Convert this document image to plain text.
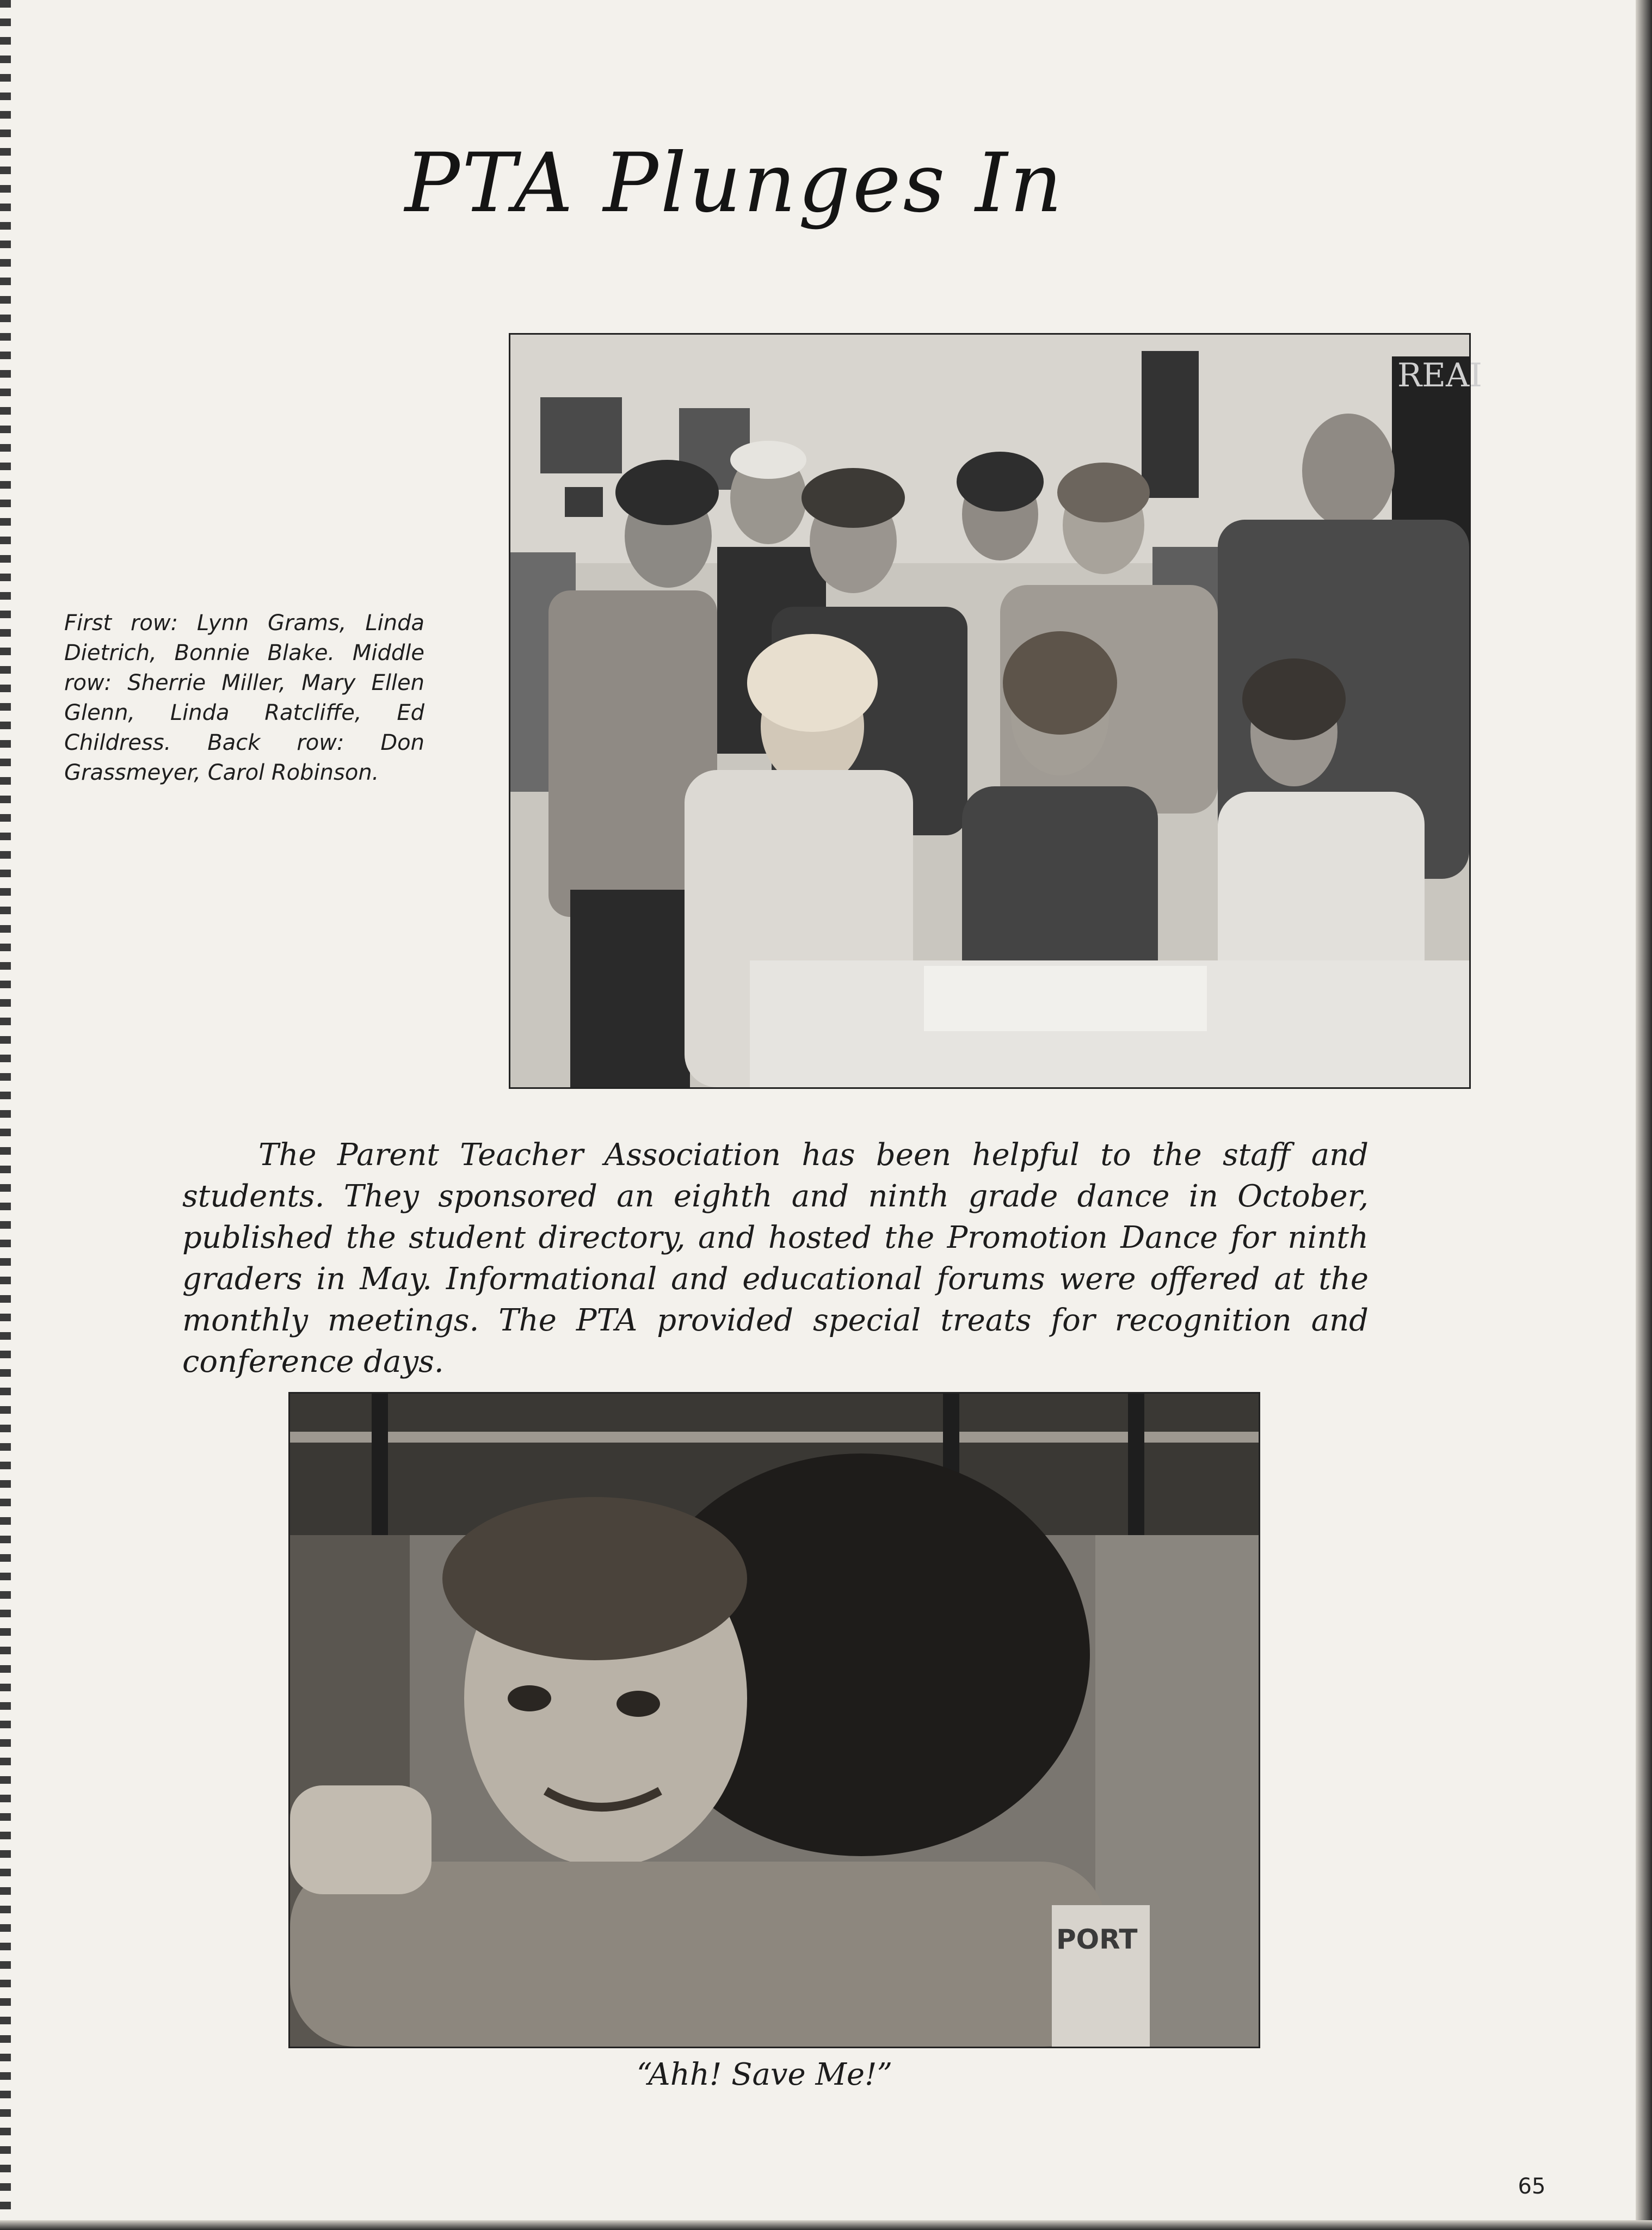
PTA Plunges In
REAI
First row: Lynn Grams, Linda Dietrich, Bonnie Blake. Middle row: Sherrie Miller, Mary Ellen Glenn, Linda Ratcliffe, Ed Childress. Back row: Don Grassmeyer, Carol Robinson.
The Parent Teacher Association has been helpful to the staff and students. They sponsored an eighth and ninth grade dance in October, published the student directory, and hosted the Promotion Dance for ninth graders in May. Informational and educational forums were offered at the monthly meetings. The PTA provided special treats for recognition and conference days.
PORT
“Ahh! Save Me!”
65
